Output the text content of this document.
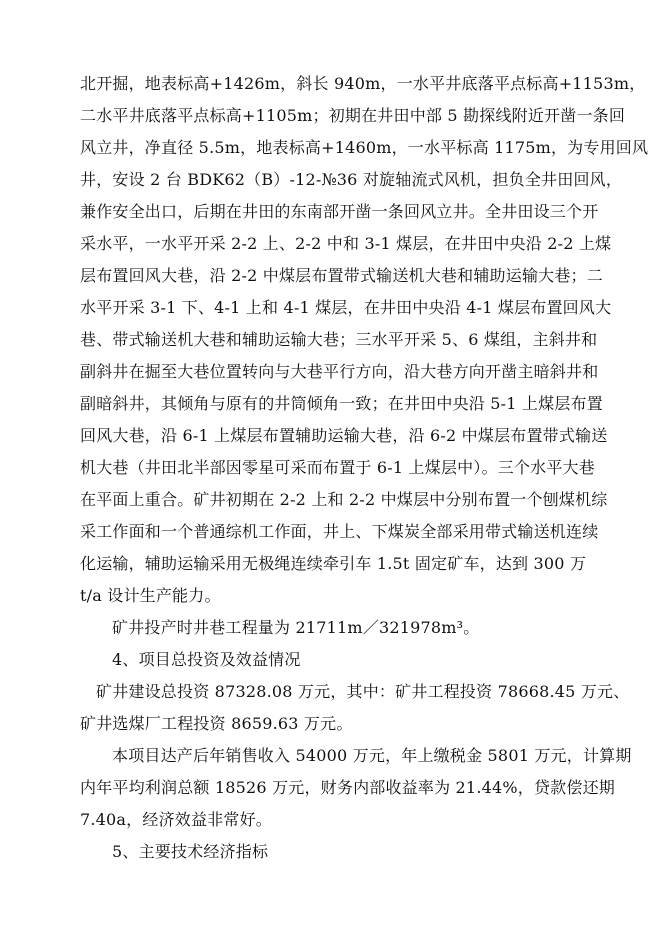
北开掘，地表标高+1426m，斜长 940m，一水平井底落平点标高+1153m，
二水平井底落平点标高+1105m；初期在井田中部 5 勘探线附近开凿一条回
风立井，净直径 5.5m，地表标高+1460m，一水平标高 1175m，为专用回风
井，安设 2 台 BDK62（B）-12-№36 对旋轴流式风机，担负全井田回风，
兼作安全出口，后期在井田的东南部开凿一条回风立井。全井田设三个开
采水平，一水平开采 2-2 上、2-2 中和 3-1 煤层，在井田中央沿 2-2 上煤
层布置回风大巷，沿 2-2 中煤层布置带式输送机大巷和辅助运输大巷；二
水平开采 3-1 下、4-1 上和 4-1 煤层，在井田中央沿 4-1 煤层布置回风大
巷、带式输送机大巷和辅助运输大巷；三水平开采 5、6 煤组，主斜井和
副斜井在掘至大巷位置转向与大巷平行方向，沿大巷方向开凿主暗斜井和
副暗斜井，其倾角与原有的井筒倾角一致；在井田中央沿 5-1 上煤层布置
回风大巷，沿 6-1 上煤层布置辅助运输大巷，沿 6-2 中煤层布置带式输送
机大巷（井田北半部因零星可采而布置于 6-1 上煤层中）。三个水平大巷
在平面上重合。矿井初期在 2-2 上和 2-2 中煤层中分别布置一个刨煤机综
采工作面和一个普通综机工作面，井上、下煤炭全部采用带式输送机连续
化运输，辅助运输采用无极绳连续牵引车 1.5t 固定矿车，达到 300 万
t/a 设计生产能力。
矿井投产时井巷工程量为 21711m／321978m³。
4、项目总投资及效益情况
矿井建设总投资 87328.08 万元，其中：矿井工程投资 78668.45 万元、
矿井选煤厂工程投资 8659.63 万元。
本项目达产后年销售收入 54000 万元，年上缴税金 5801 万元，计算期
内年平均利润总额 18526 万元，财务内部收益率为 21.44%，贷款偿还期
7.40a，经济效益非常好。
5、主要技术经济指标
